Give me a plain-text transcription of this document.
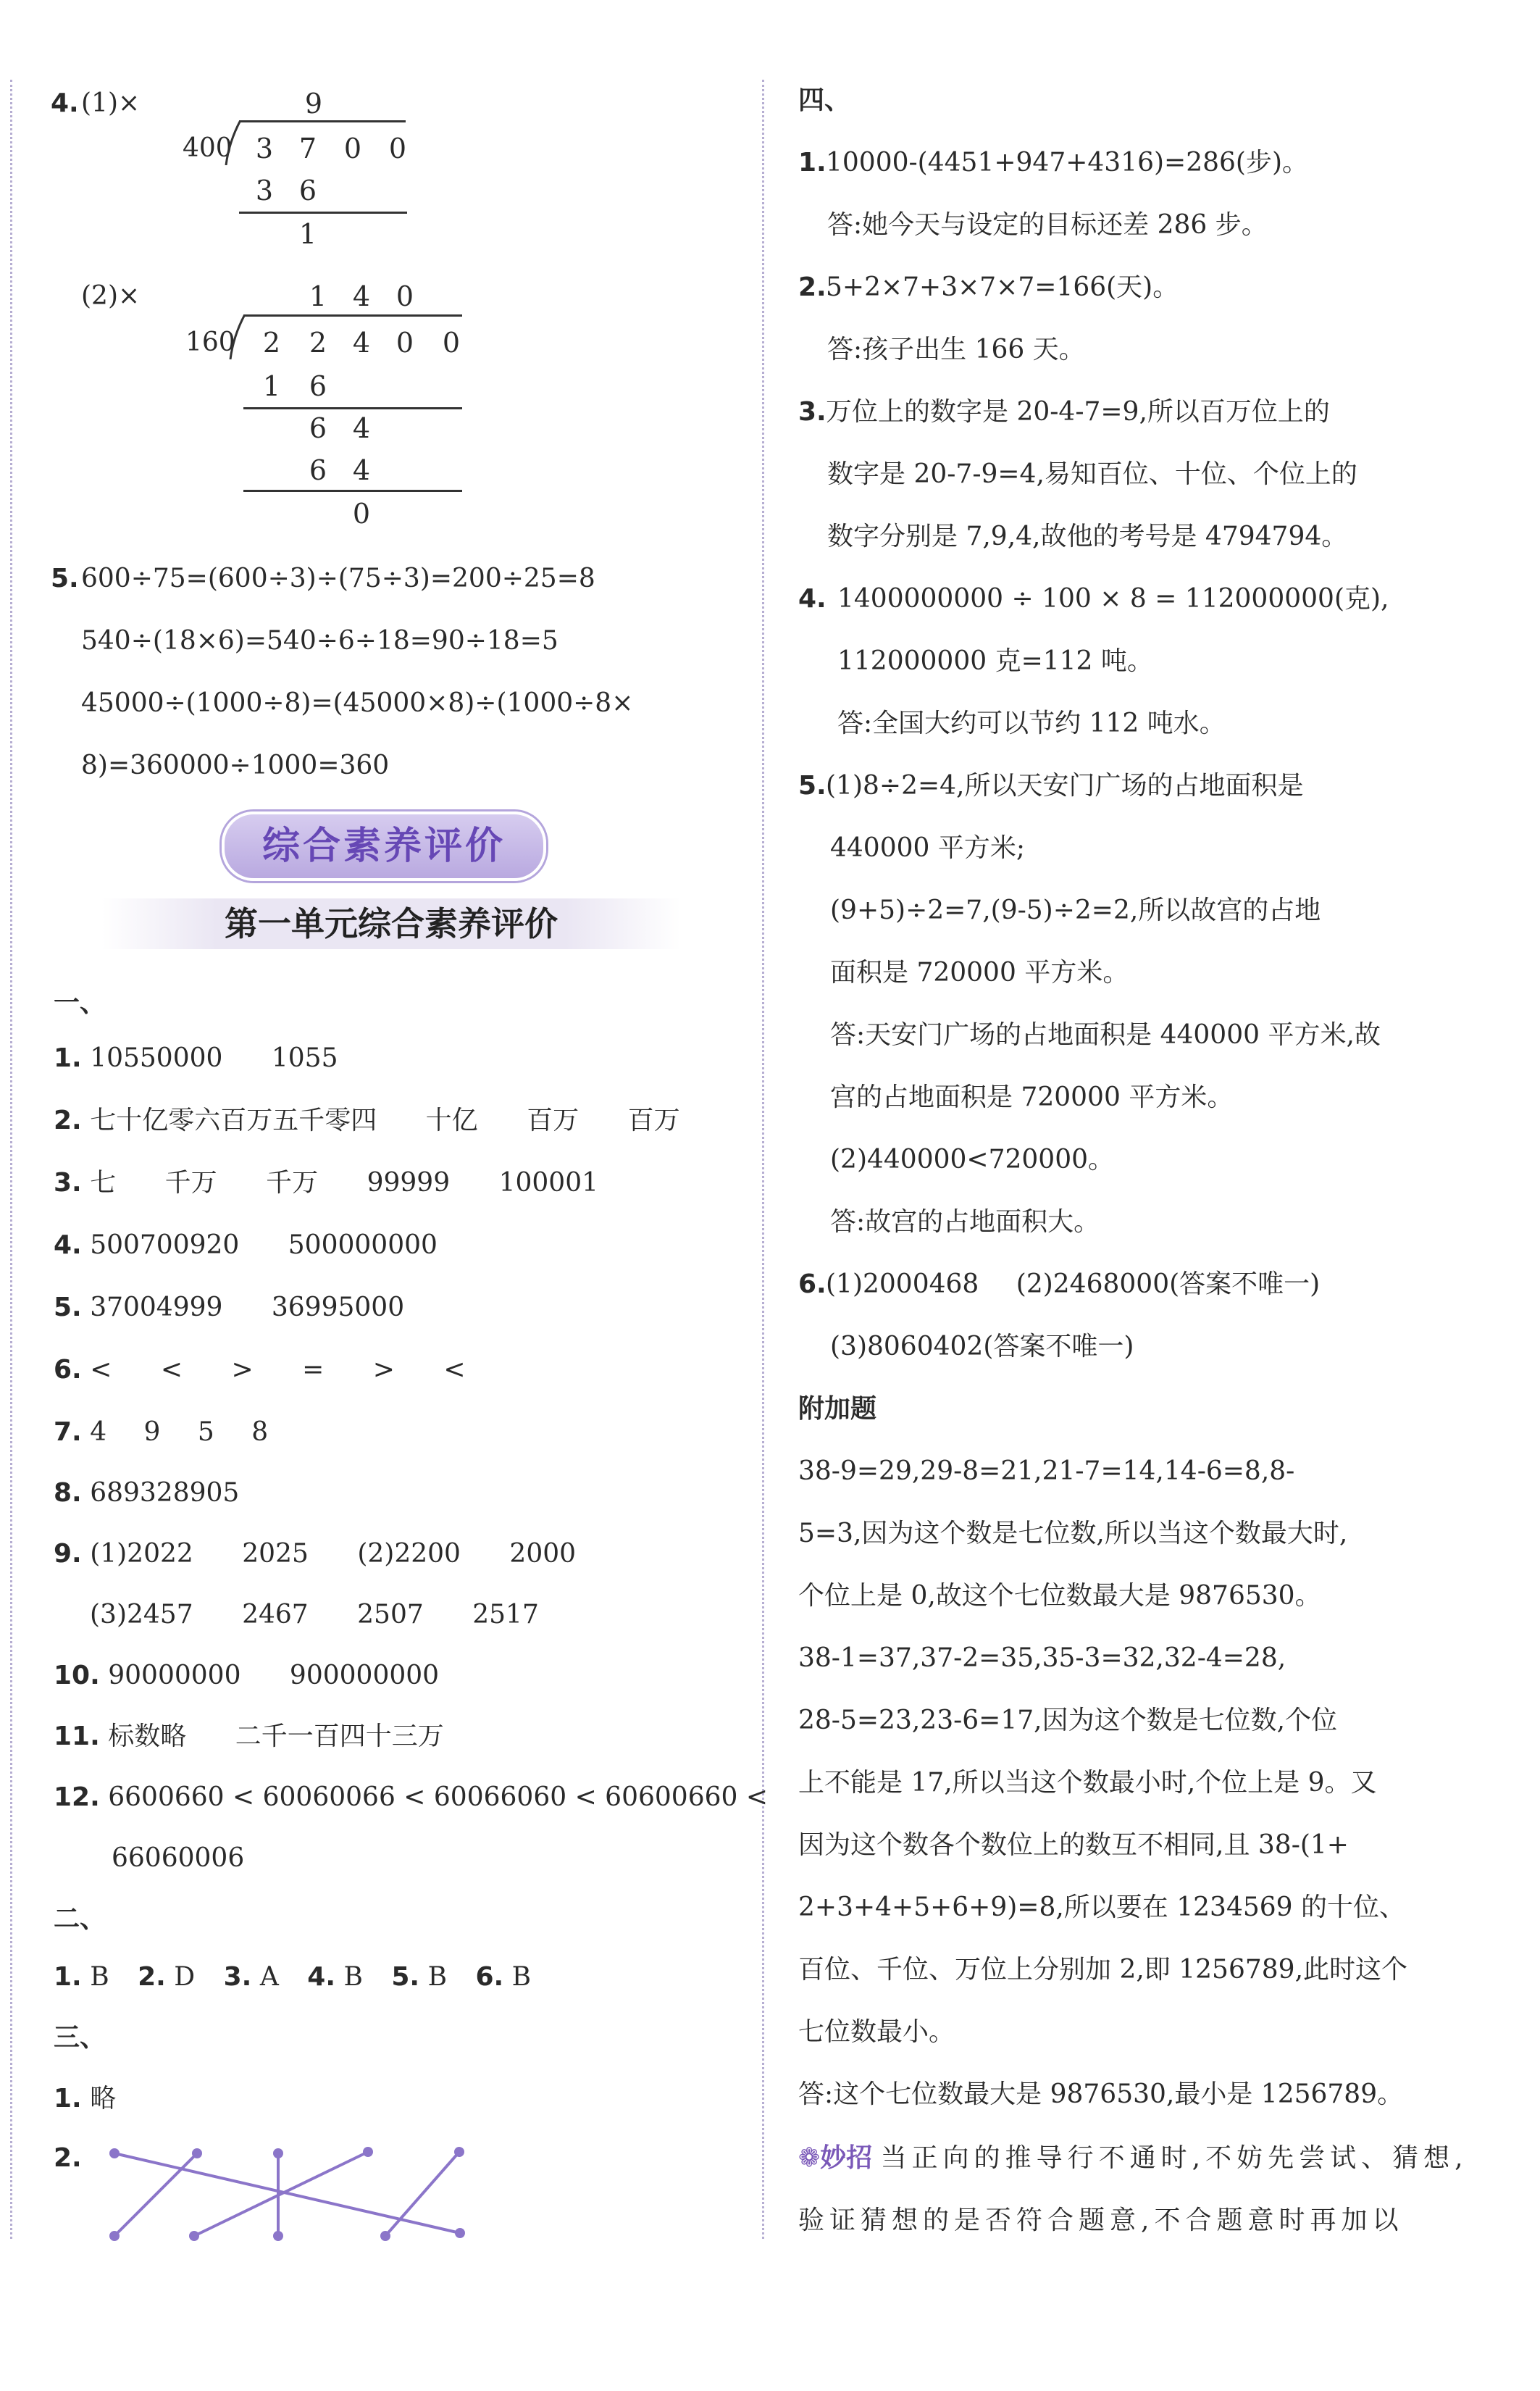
4. (1)×	9
400 3 7 0 0
3 6
1
(2)×	1 4 0
160 2 2 4 0 0
1 6
6 4
6 4
0
5. 600÷75=(600÷3)÷(75÷3)=200÷25=8
540÷(18×6)=540÷6÷18=90÷18=5
45000÷(1000÷8)=(45000×8)÷(1000÷8×
8)=360000÷1000=360
综合素养评价
第一单元综合素养评价
一、
1. 10550000 1055
2. 七十亿零六百万五千零四 十亿 百万 百万
3. 七 千万 千万 99999 100001
4. 500700920 500000000
5. 37004999 36995000
6. < < > = > <
7. 4 9 5 8
8. 689328905
9. (1)2022 2025 (2)2200 2000
(3)2457 2467 2507 2517
10. 90000000 900000000
11. 标数略 二千一百四十三万
12. 6600660 < 60060066 < 60066060 < 60600660 <
66060006
二、
1. B 2. D 3. A 4. B 5. B 6. B
三、
1. 略
2.
四、
1. 10000-(4451+947+4316)=286(步)。
答:她今天与设定的目标还差 286 步。
2. 5+2×7+3×7×7=166(天)。
答:孩子出生 166 天。
3. 万位上的数字是 20-4-7=9,所以百万位上的
数字是 20-7-9=4,易知百位、十位、个位上的
数字分别是 7,9,4,故他的考号是 4794794。
4. 1400000000 ÷ 100 × 8 = 112000000(克),
112000000 克=112 吨。
答:全国大约可以节约 112 吨水。
5. (1)8÷2=4,所以天安门广场的占地面积是
440000 平方米;
(9+5)÷2=7,(9-5)÷2=2,所以故宫的占地
面积是 720000 平方米。
答:天安门广场的占地面积是 440000 平方米,故
宫的占地面积是 720000 平方米。
(2)440000<720000。
答:故宫的占地面积大。
6. (1)2000468 (2)2468000(答案不唯一)
(3)8060402(答案不唯一)
附加题
38-9=29,29-8=21,21-7=14,14-6=8,8-
5=3,因为这个数是七位数,所以当这个数最大时,
个位上是 0,故这个七位数最大是 9876530。
38-1=37,37-2=35,35-3=32,32-4=28,
28-5=23,23-6=17,因为这个数是七位数,个位
上不能是 17,所以当这个数最小时,个位上是 9。又
因为这个数各个数位上的数互不相同,且 38-(1+
2+3+4+5+6+9)=8,所以要在 1234569 的十位、
百位、千位、万位上分别加 2,即 1256789,此时这个
七位数最小。
答:这个七位数最大是 9876530,最小是 1256789。
❁妙招 当正向的推导行不通时,不妨先尝试、猜想,
验证猜想的是否符合题意,不合题意时再加以
